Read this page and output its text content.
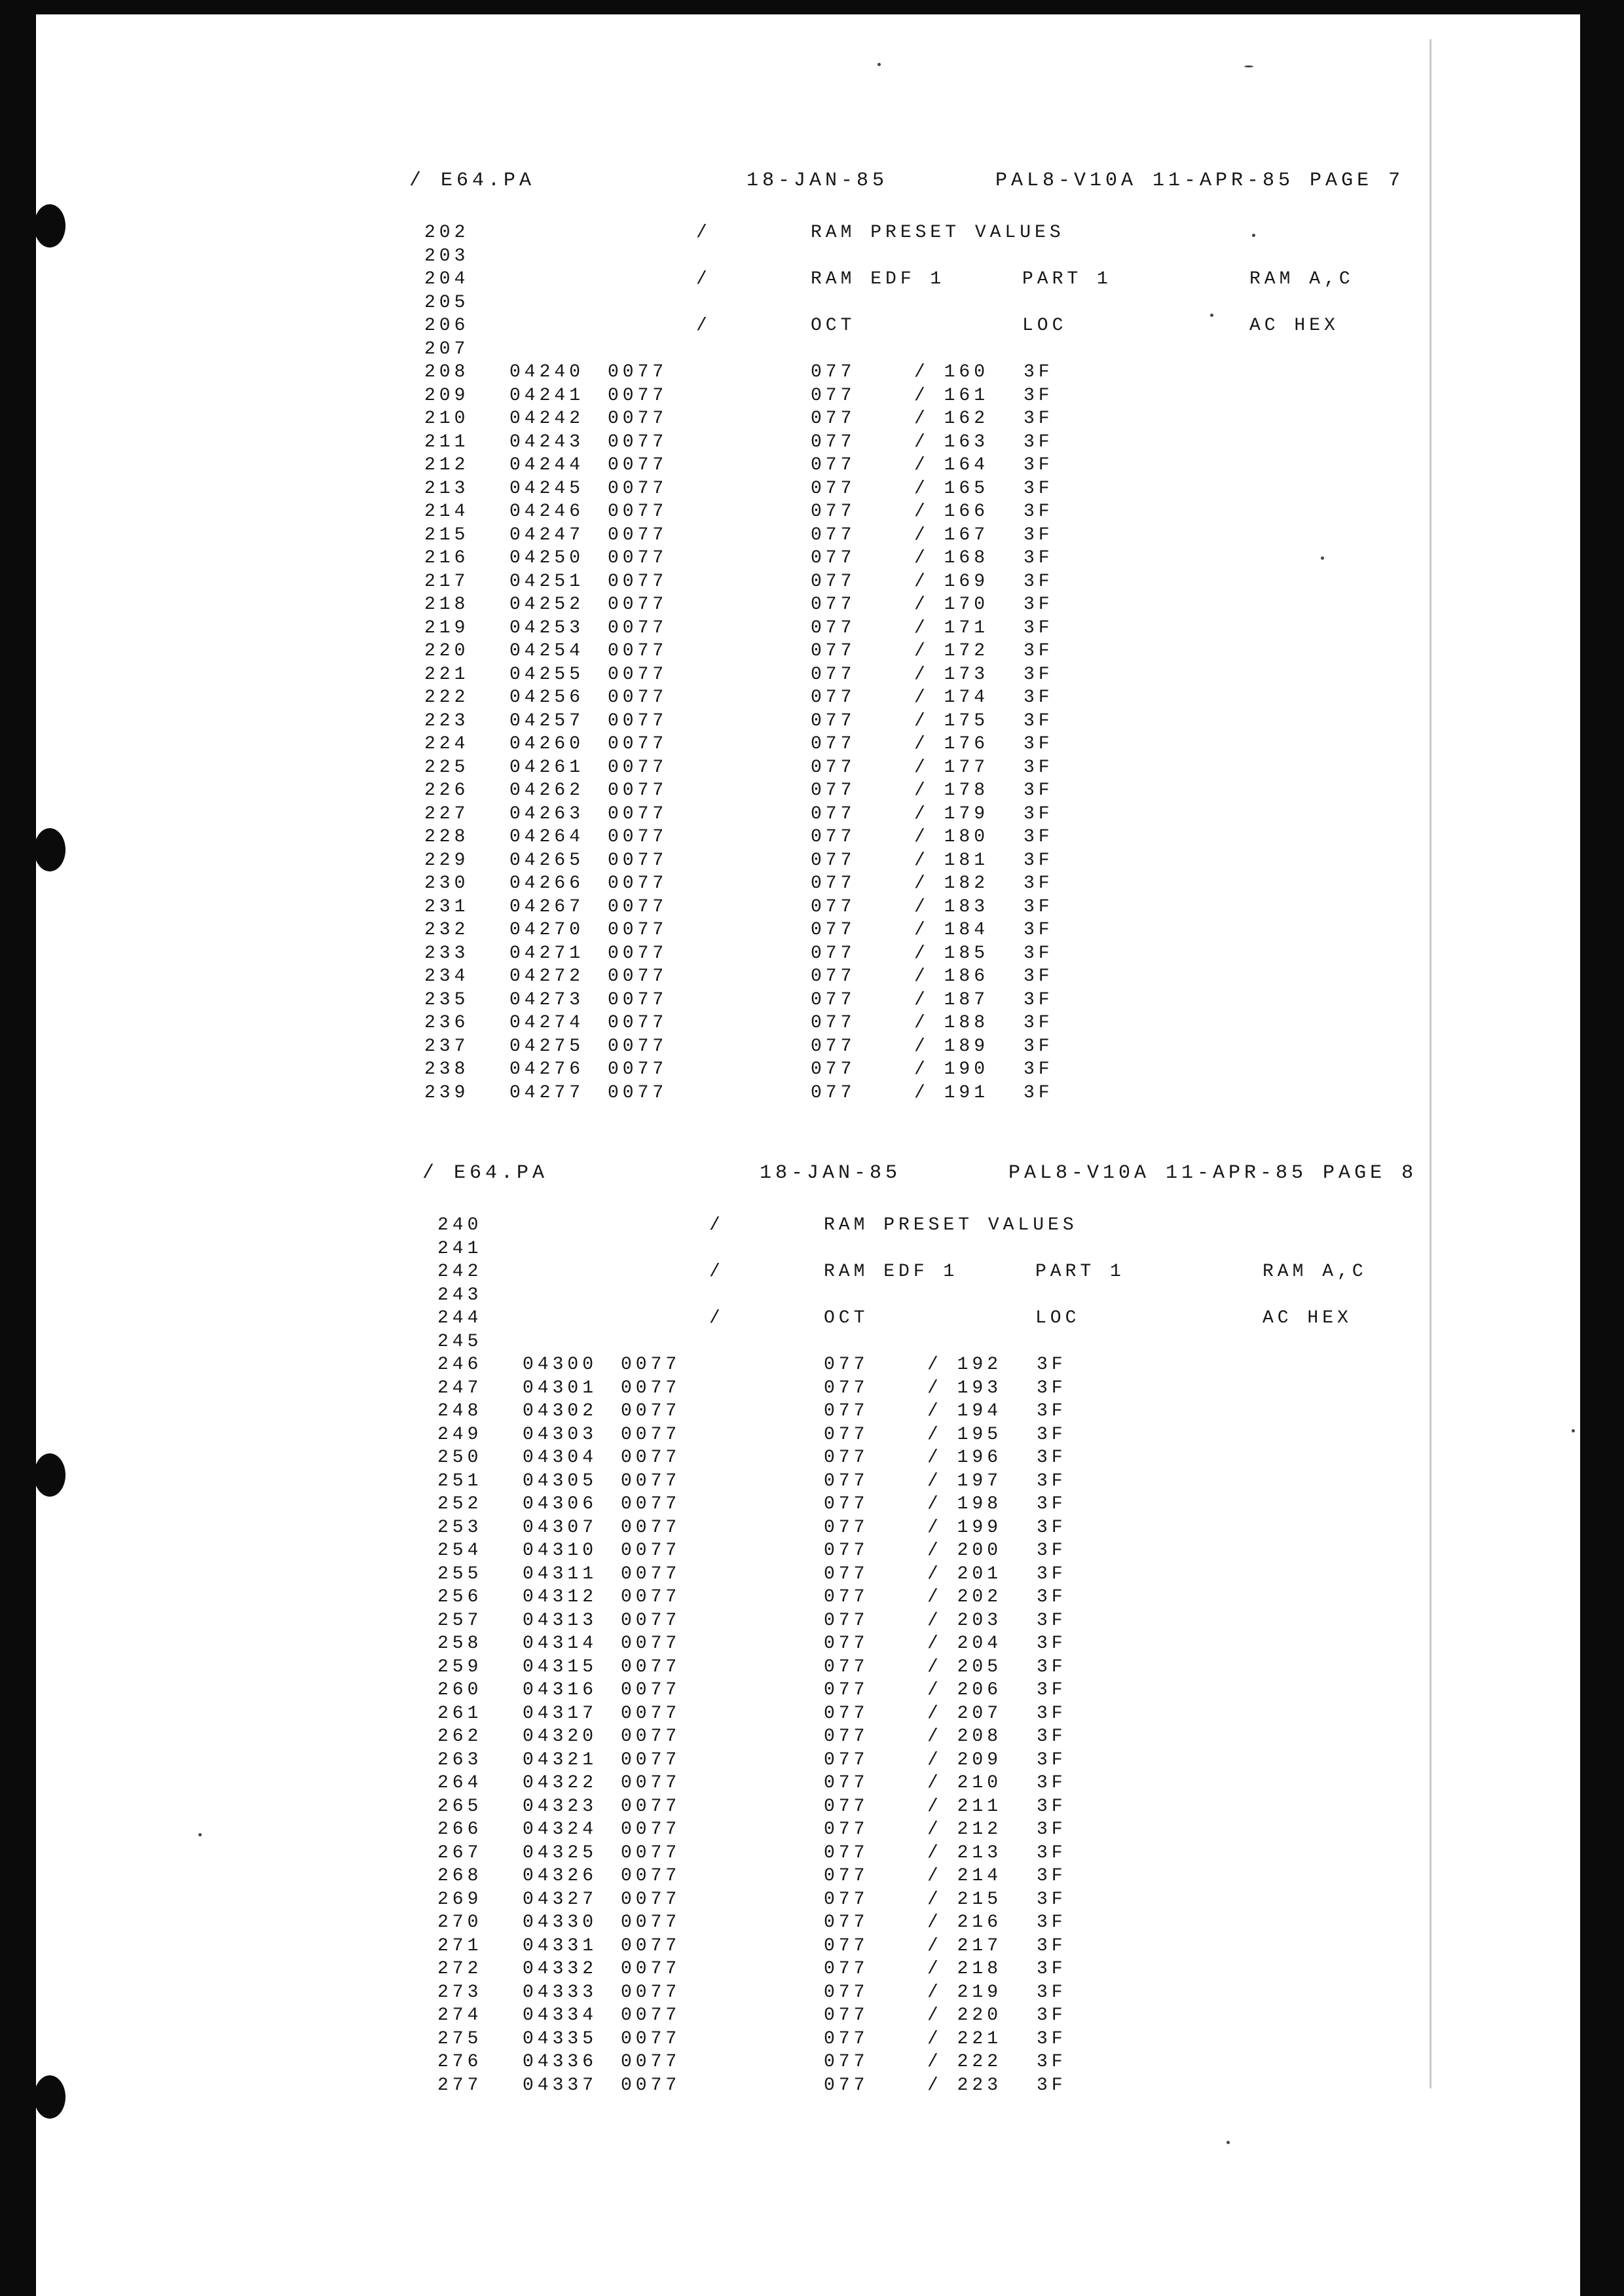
/ E64.PA

	18-JAN-85

	PAL8-V10A 11-APR-85 PAGE 7

202	/	RAM PRESET VALUES
203
204	/	RAM EDF 1	PART 1	RAM A,C
205
206	/	OCT	LOC	AC HEX
207

208 04240 0077	077	/ 160 3F
209 04241 0077	077	/ 161 3F
210 04242 0077	077	/ 162 3F
211 04243 0077	077	/ 163 3F
212 04244 0077	077	/ 164 3F
213 04245 0077	077	/ 165 3F
214 04246 0077	077	/ 166 3F
215 04247 0077	077	/ 167 3F
216 04250 0077	077	/ 168 3F
217 04251 0077	077	/ 169 3F
218 04252 0077	077	/ 170 3F
219 04253 0077	077	/ 171 3F
220 04254 0077	077	/ 172 3F
221 04255 0077	077	/ 173 3F
222 04256 0077	077	/ 174 3F
223 04257 0077	077	/ 175 3F
224 04260 0077	077	/ 176 3F
225 04261 0077	077	/ 177 3F
226 04262 0077	077	/ 178 3F
227 04263 0077	077	/ 179 3F
228 04264 0077	077	/ 180 3F
229 04265 0077	077	/ 181 3F
230 04266 0077	077	/ 182 3F
231 04267 0077	077	/ 183 3F
232 04270 0077	077	/ 184 3F
233 04271 0077	077	/ 185 3F
234 04272 0077	077	/ 186 3F
235 04273 0077	077	/ 187 3F
236 04274 0077	077	/ 188 3F
237 04275 0077	077	/ 189 3F
238 04276 0077	077	/ 190 3F
239 04277 0077	077	/ 191 3F

/ E64.PA

	18-JAN-85

	PAL8-V10A 11-APR-85 PAGE 8

240	/	RAM PRESET VALUES
241
242	/	RAM EDF 1	PART 1	RAM A,C
243
244	/	OCT	LOC	AC HEX
245

246 04300 0077	077	/ 192 3F
247 04301 0077	077	/ 193 3F
248 04302 0077	077	/ 194 3F
249 04303 0077	077	/ 195 3F
250 04304 0077	077	/ 196 3F
251 04305 0077	077	/ 197 3F
252 04306 0077	077	/ 198 3F
253 04307 0077	077	/ 199 3F
254 04310 0077	077	/ 200 3F
255 04311 0077	077	/ 201 3F
256 04312 0077	077	/ 202 3F
257 04313 0077	077	/ 203 3F
258 04314 0077	077	/ 204 3F
259 04315 0077	077	/ 205 3F
260 04316 0077	077	/ 206 3F
261 04317 0077	077	/ 207 3F
262 04320 0077	077	/ 208 3F
263 04321 0077	077	/ 209 3F
264 04322 0077	077	/ 210 3F
265 04323 0077	077	/ 211 3F
266 04324 0077	077	/ 212 3F
267 04325 0077	077	/ 213 3F
268 04326 0077	077	/ 214 3F
269 04327 0077	077	/ 215 3F
270 04330 0077	077	/ 216 3F
271 04331 0077	077	/ 217 3F
272 04332 0077	077	/ 218 3F
273 04333 0077	077	/ 219 3F
274 04334 0077	077	/ 220 3F
275 04335 0077	077	/ 221 3F
276 04336 0077	077	/ 222 3F
277 04337 0077	077	/ 223 3F
